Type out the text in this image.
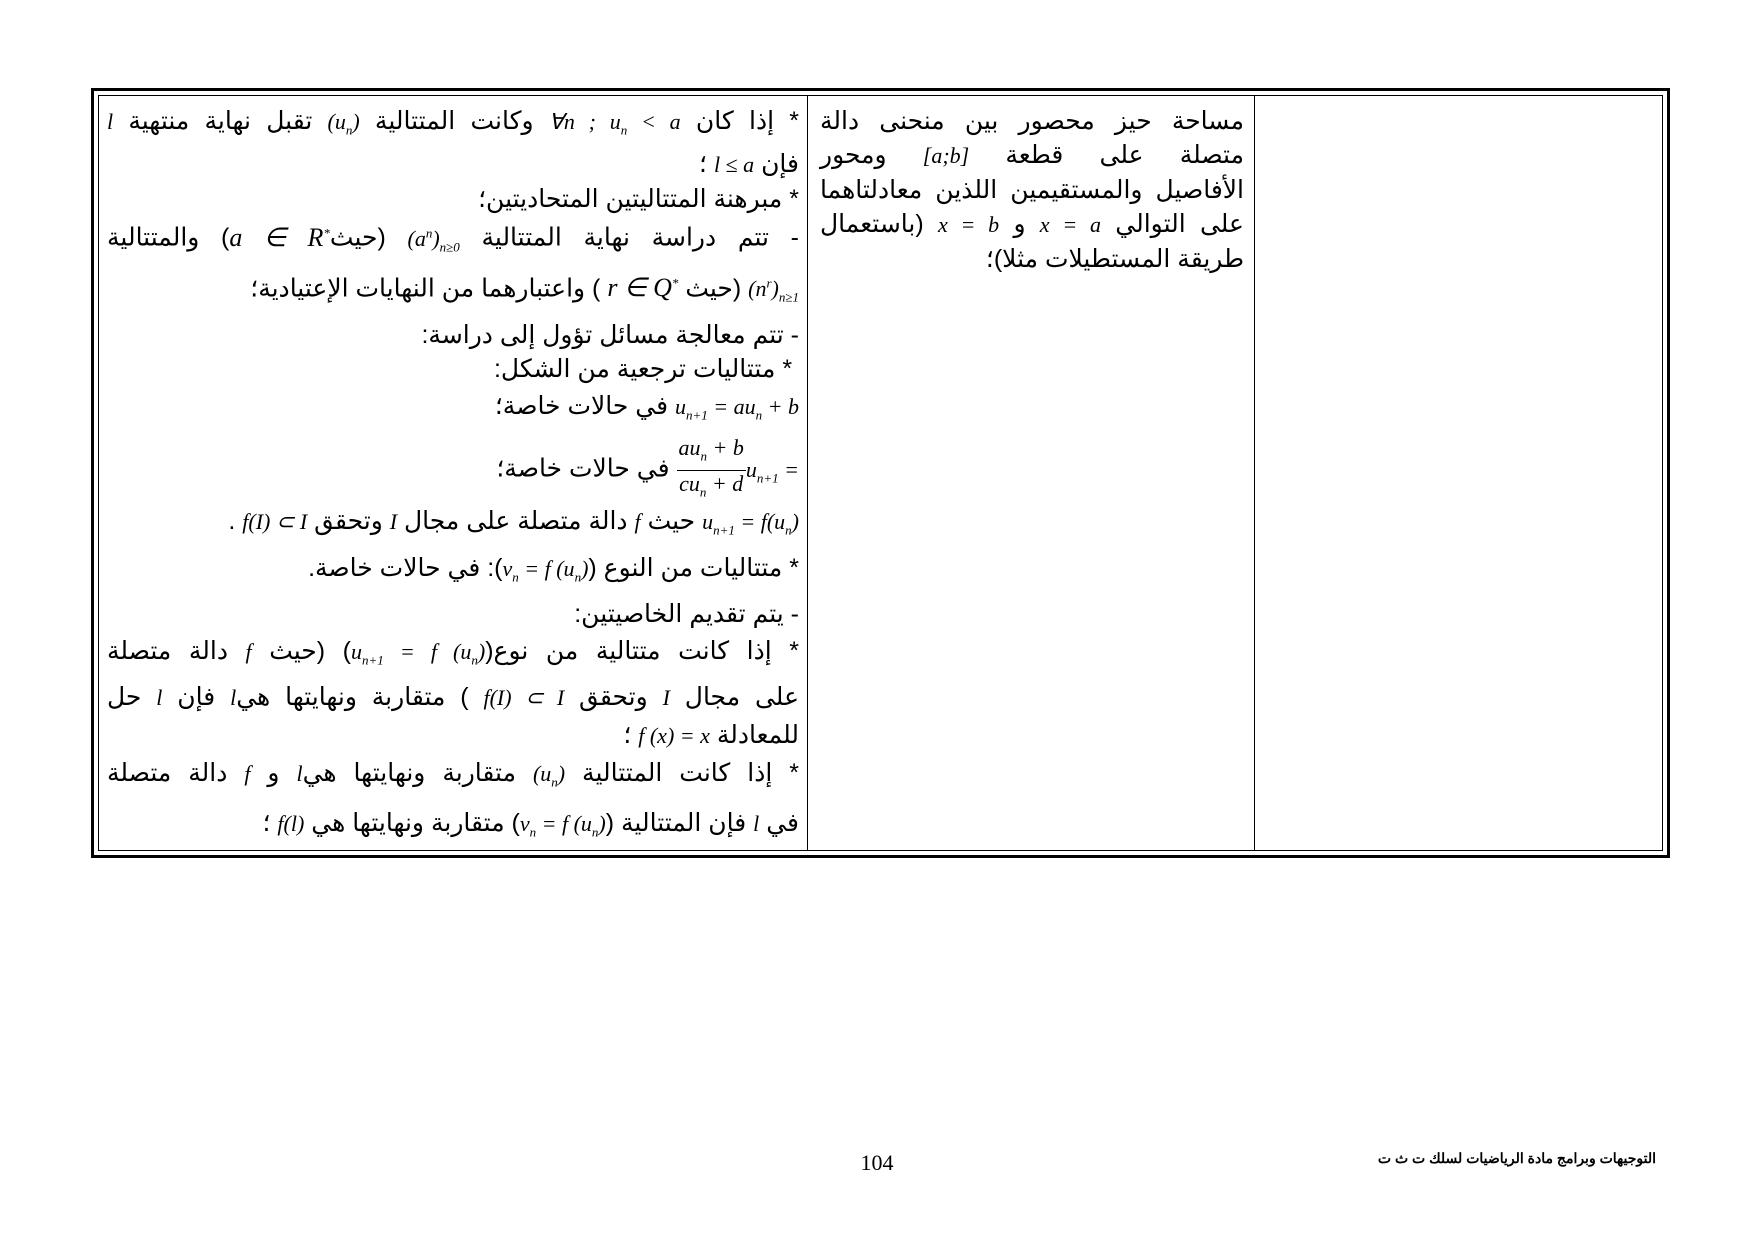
مساحة حيز محصور بين منحنى دالة

متصلة على قطعة [a;b] ومحور

الأفاصيل والمستقيمين اللذين معادلتاهما

على التوالي x = a و x = b (باستعمال

طريقة المستطيلات مثلا)؛

* إذا كان ∀n ; $u_n < a$ وكانت المتتالية $(u_n)$ تقبل نهاية منتهية l

فإن l ≤ a ؛

* مبرهنة المتتاليتين المتحاديتين؛

- تتم دراسة نهاية المتتالية $(a^n)_{n\ge 0}$ (حيثa ∈ R*) والمتتالية

$(n^r)_{n\ge 1}$ (حيث r ∈ Q* ) واعتبارهما من النهايات الإعتيادية؛

- تتم معالجة مسائل تؤول إلى دراسة:

* متتاليات ترجعية من الشكل:

$u_{n+1} = au_n + b$ في حالات خاصة؛

$u_{n+1}$ =
$\frac{au_n + b}{cu_n + d}$
في حالات خاصة؛

$u_{n+1} = f(u_n)$ حيث f دالة متصلة على مجال I وتحقق f(I) ⊂ I .

* متتاليات من النوع ($v_n = f$ $(u_n)$): في حالات خاصة.

- يتم تقديم الخاصيتين:

* إذا كانت متتالية من $نوع(u_{n+1} = f$ $(u_n)$) (حيث f دالة متصلة

على مجال I وتحقق f(I) ⊂ I ) متقاربة ونهايتها هيl فإن l حل

للمعادلة f (x) = x ؛

* إذا كانت المتتالية $(u_n)$ متقاربة ونهايتها هيl و f دالة متصلة

في l فإن المتتالية ($v_n = f$ $(u_n)$) متقاربة ونهايتها هي f(l) ؛

104	التوجيهات وبرامج مادة الرياضيات لسلك ت ث ت
